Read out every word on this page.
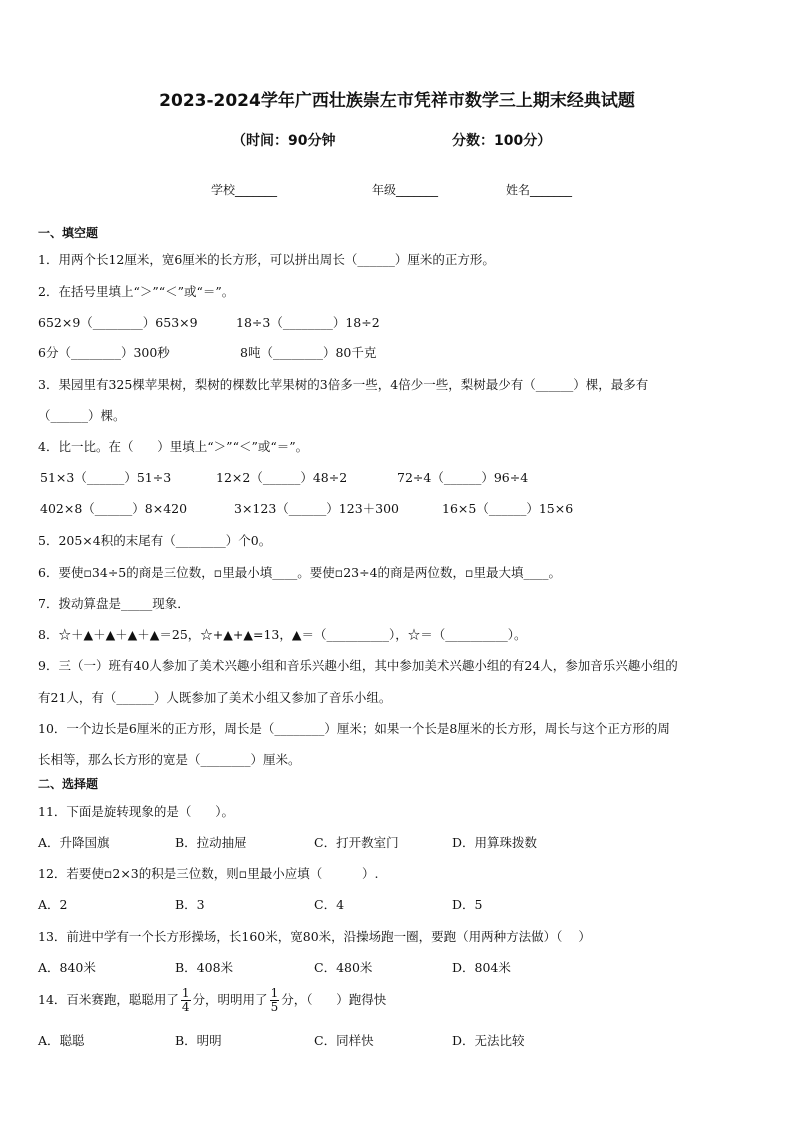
2023-2024学年广西壮族崇左市凭祥市数学三上期末经典试题
（时间：90分钟	分数：100分）
学校_______	年级_______	姓名_______
一、填空题
1．用两个长12厘米，宽6厘米的长方形，可以拼出周长（______）厘米的正方形。
2．在括号里填上“＞”“＜”或“＝”。
652×9（________）653×9	18÷3（________）18÷2
6分（________）300秒	8吨（________）80千克
3．果园里有325棵苹果树，梨树的棵数比苹果树的3倍多一些，4倍少一些，梨树最少有（______）棵，最多有
（______）棵。
4．比一比。在（      ）里填上“＞”“＜”或“＝”。
51×3（______）51÷3	12×2（______）48÷2	72÷4（______）96÷4
402×8（______）8×420	3×123（______）123＋300	16×5（______）15×6
5．205×4积的末尾有（________）个0。
6．要使▫34÷5的商是三位数，▫里最小填____。要使▫23÷4的商是两位数，▫里最大填____。
7．拨动算盘是_____现象．
8．☆＋▲＋▲＋▲＋▲＝25，☆+▲+▲=13，▲＝（__________），☆＝（__________）。
9．三（一）班有40人参加了美术兴趣小组和音乐兴趣小组，其中参加美术兴趣小组的有24人，参加音乐兴趣小组的
有21人，有（______）人既参加了美术小组又参加了音乐小组。
10．一个边长是6厘米的正方形，周长是（________）厘米；如果一个长是8厘米的长方形，周长与这个正方形的周
长相等，那么长方形的宽是（________）厘米。
二、选择题
11．下面是旋转现象的是（      ）。
A．升降国旗	B．拉动抽屉	C．打开教室门	D．用算珠拨数
12．若要使▫2×3的积是三位数，则▫里最小应填（          ）.
A．2	B．3	C．4	D．5
13．前进中学有一个长方形操场，长160米，宽80米，沿操场跑一圈，要跑（用两种方法做）（    ）
A．840米	B．408米	C．480米	D．804米
14．百米赛跑，聪聪用了 $\frac{1}{4}$ 分，明明用了 $\frac{1}{5}$ 分，（      ）跑得快
A．聪聪	B．明明	C．同样快	D．无法比较
